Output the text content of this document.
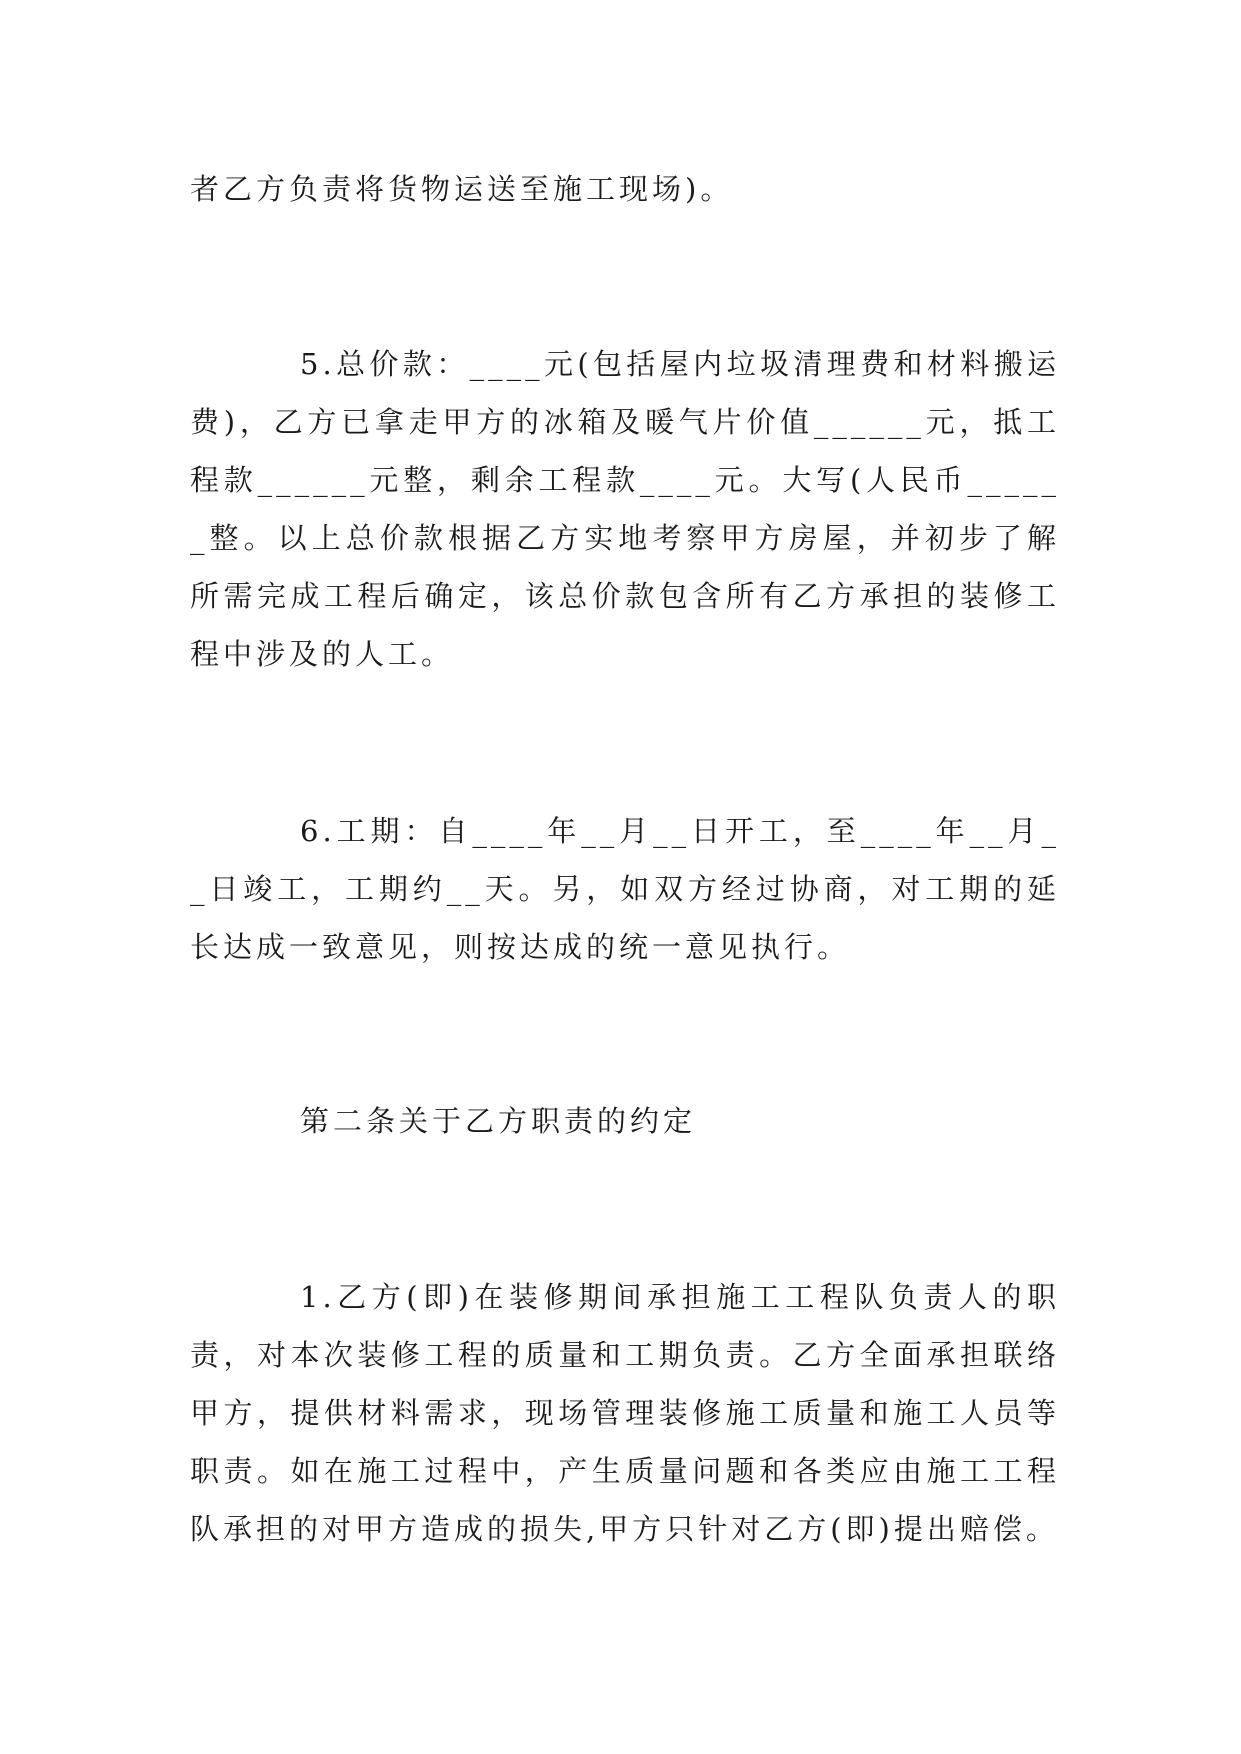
者乙方负责将货物运送至施工现场)。

5.总价款：____元(包括屋内垃圾清理费和材料搬运费)，乙方已拿走甲方的冰箱及暖气片价值______元，抵工程款______元整，剩余工程款____元。大写(人民币______整。以上总价款根据乙方实地考察甲方房屋，并初步了解所需完成工程后确定，该总价款包含所有乙方承担的装修工程中涉及的人工。

6.工期：自____年__月__日开工，至____年__月__日竣工，工期约__天。另，如双方经过协商，对工期的延长达成一致意见，则按达成的统一意见执行。

第二条关于乙方职责的约定

1.乙方(即)在装修期间承担施工工程队负责人的职责，对本次装修工程的质量和工期负责。乙方全面承担联络甲方，提供材料需求，现场管理装修施工质量和施工人员等职责。如在施工过程中，产生质量问题和各类应由施工工程队承担的对甲方造成的损失,甲方只针对乙方(即)提出赔偿。
